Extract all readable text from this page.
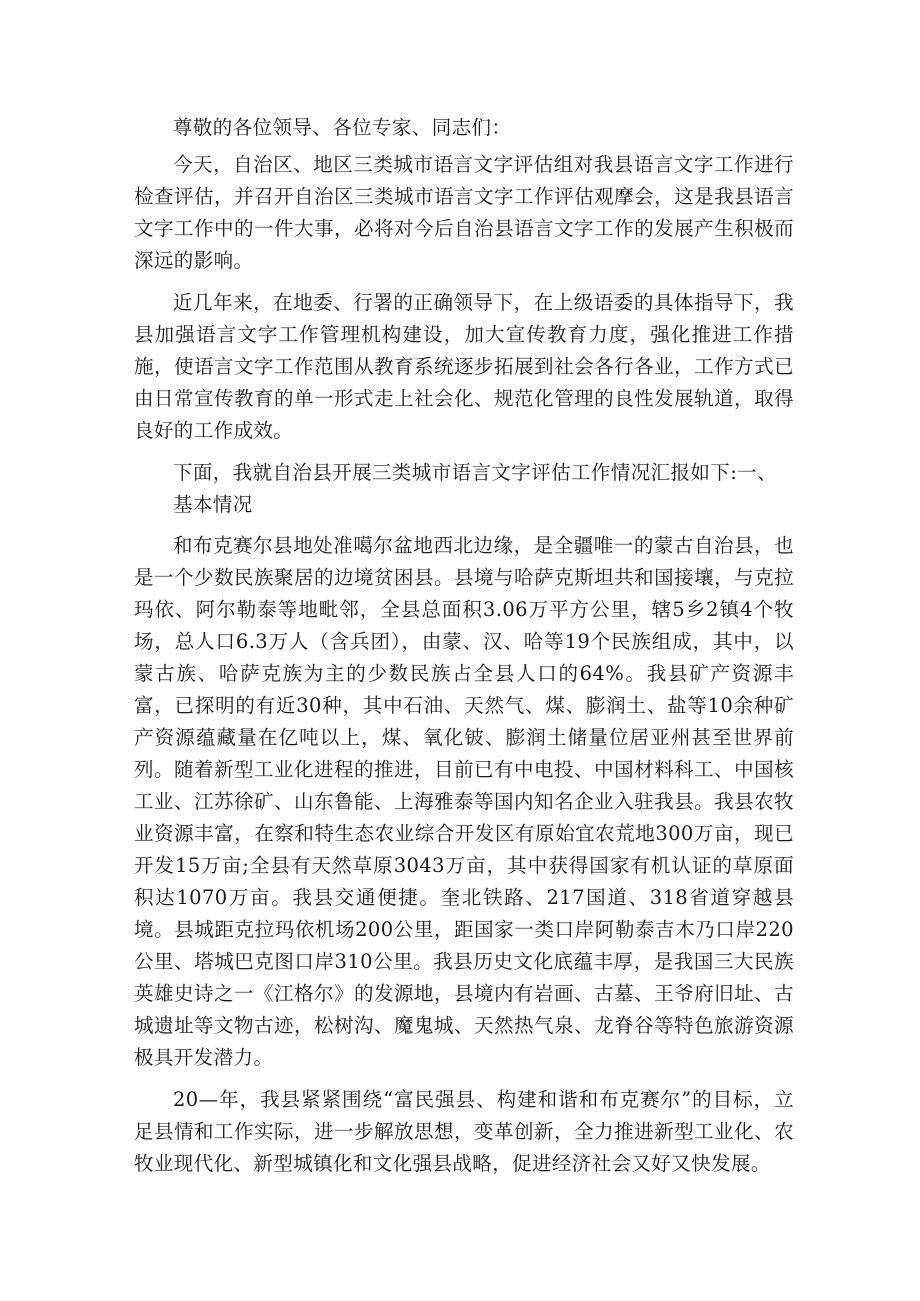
尊敬的各位领导、各位专家、同志们：

今天，自治区、地区三类城市语言文字评估组对我县语言文字工作进行检查评估，并召开自治区三类城市语言文字工作评估观摩会，这是我县语言文字工作中的一件大事，必将对今后自治县语言文字工作的发展产生积极而深远的影响。

近几年来，在地委、行署的正确领导下，在上级语委的具体指导下，我县加强语言文字工作管理机构建设，加大宣传教育力度，强化推进工作措施，使语言文字工作范围从教育系统逐步拓展到社会各行各业，工作方式已由日常宣传教育的单一形式走上社会化、规范化管理的良性发展轨道，取得良好的工作成效。

下面，我就自治县开展三类城市语言文字评估工作情况汇报如下:一、

基本情况

和布克赛尔县地处准噶尔盆地西北边缘，是全疆唯一的蒙古自治县，也是一个少数民族聚居的边境贫困县。县境与哈萨克斯坦共和国接壤，与克拉玛依、阿尔勒泰等地毗邻，全县总面积3.06万平方公里，辖5乡2镇4个牧场，总人口6.3万人（含兵团），由蒙、汉、哈等19个民族组成，其中，以蒙古族、哈萨克族为主的少数民族占全县人口的64%。我县矿产资源丰富，已探明的有近30种，其中石油、天然气、煤、膨润土、盐等10余种矿产资源蕴藏量在亿吨以上，煤、氧化铍、膨润土储量位居亚州甚至世界前列。随着新型工业化进程的推进，目前已有中电投、中国材料科工、中国核工业、江苏徐矿、山东鲁能、上海雅泰等国内知名企业入驻我县。我县农牧业资源丰富，在察和特生态农业综合开发区有原始宜农荒地300万亩，现已开发15万亩;全县有天然草原3043万亩，其中获得国家有机认证的草原面积达1070万亩。我县交通便捷。奎北铁路、217国道、318省道穿越县境。县城距克拉玛依机场200公里，距国家一类口岸阿勒泰吉木乃口岸220公里、塔城巴克图口岸310公里。我县历史文化底蕴丰厚，是我国三大民族英雄史诗之一《江格尔》的发源地，县境内有岩画、古墓、王爷府旧址、古城遗址等文物古迹，松树沟、魔鬼城、天然热气泉、龙脊谷等特色旅游资源极具开发潜力。

20—年，我县紧紧围绕“富民强县、构建和谐和布克赛尔”的目标，立足县情和工作实际，进一步解放思想，变革创新，全力推进新型工业化、农牧业现代化、新型城镇化和文化强县战略，促进经济社会又好又快发展。
